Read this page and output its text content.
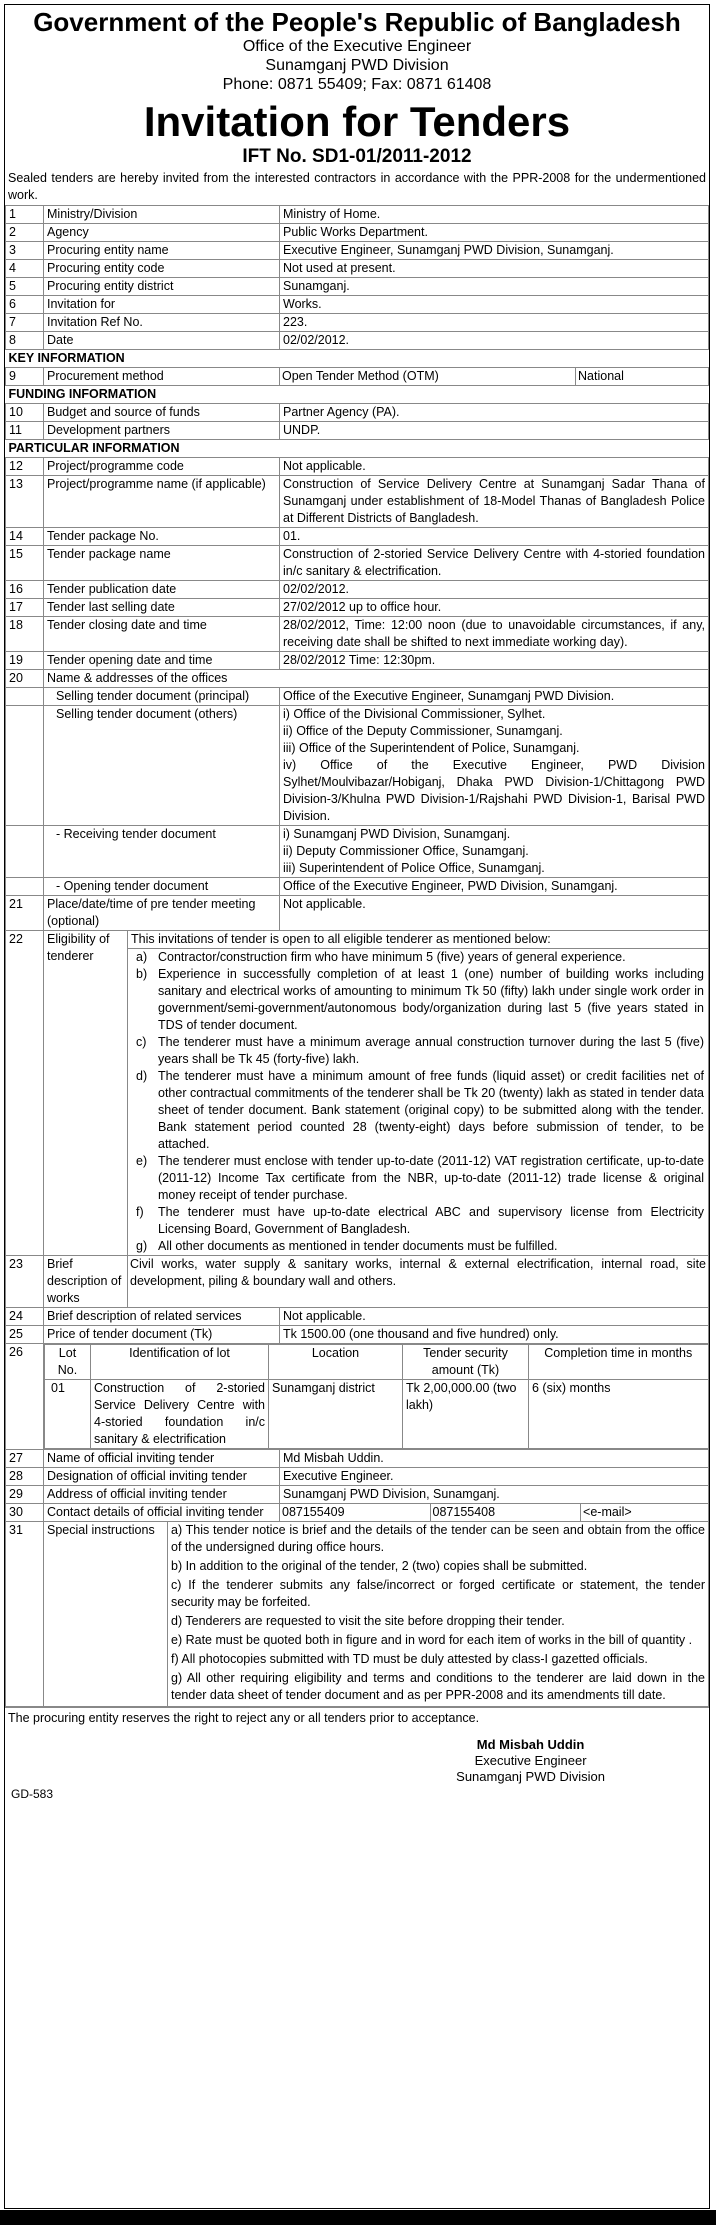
Government of the People's Republic of Bangladesh
Office of the Executive Engineer
Sunamganj PWD Division
Phone: 0871 55409; Fax: 0871 61408
Invitation for Tenders
IFT No. SD1-01/2011-2012
Sealed tenders are hereby invited from the interested contractors in accordance with the PPR-2008 for the undermentioned work.
1	Ministry/Division	Ministry of Home.
2	Agency	Public Works Department.
3	Procuring entity name	Executive Engineer, Sunamganj PWD Division, Sunamganj.
4	Procuring entity code	Not used at present.
5	Procuring entity district	Sunamganj.
6	Invitation for	Works.
7	Invitation Ref No.	223.
8	Date	02/02/2012.
KEY INFORMATION
9	Procurement method		Open Tender Method (OTM)	National

FUNDING INFORMATION
10	Budget and source of funds	Partner Agency (PA).
11	Development partners	UNDP.
PARTICULAR INFORMATION
12	Project/programme code	Not applicable.
13	Project/programme name (if applicable)	Construction of Service Delivery Centre at Sunamganj Sadar Thana of Sunamganj under establishment of 18-Model Thanas of Bangladesh Police at Different Districts of Bangladesh.
14	Tender package No.	01.
15	Tender package name	Construction of 2-storied Service Delivery Centre with 4-storied foundation in/c sanitary & electrification.
16	Tender publication date	02/02/2012.
17	Tender last selling date	27/02/2012 up to office hour.
18	Tender closing date and time	28/02/2012, Time: 12:00 noon (due to unavoidable circumstances, if any, receiving date shall be shifted to next immediate working day).
19	Tender opening date and time	28/02/2012 Time: 12:30pm.
20	Name & addresses of the offices
	Selling tender document (principal)	Office of the Executive Engineer, Sunamganj PWD Division.

	Selling tender document (others)	i) Office of the Divisional Commissioner, Sylhet.
ii) Office of the Deputy Commissioner, Sunamganj.
iii) Office of the Superintendent of Police, Sunamganj.
iv) Office of the Executive Engineer, PWD Division Sylhet/Moulvibazar/Hobiganj, Dhaka PWD Division-1/Chittagong PWD Division-3/Khulna PWD Division-1/Rajshahi PWD Division-1, Barisal PWD Division.

	- Receiving tender document	i) Sunamganj PWD Division, Sunamganj.
ii) Deputy Commissioner Office, Sunamganj.
iii) Superintendent of Police Office, Sunamganj.

	- Opening tender document	Office of the Executive Engineer, PWD Division, Sunamganj.

21	Place/date/time of pre tender meeting (optional)	Not applicable.
22	Eligibility of tenderer	
This invitations of tender is open to all eligible tenderer as mentioned below:
a) Contractor/construction firm who have minimum 5 (five) years of general experience.
b) Experience in successfully completion of at least 1 (one) number of building works including sanitary and electrical works of amounting to minimum Tk 50 (fifty) lakh under single work order in government/semi-government/autonomous body/organization during last 5 (five years stated in TDS of tender document.
c) The tenderer must have a minimum average annual construction turnover during the last 5 (five) years shall be Tk 45 (forty-five) lakh.
d) The tenderer must have a minimum amount of free funds (liquid asset) or credit facilities net of other contractual commitments of the tenderer shall be Tk 20 (twenty) lakh as stated in tender data sheet of tender document. Bank statement (original copy) to be submitted along with the tender. Bank statement period counted 28 (twenty-eight) days before submission of tender, to be attached.
e) The tenderer must enclose with tender up-to-date (2011-12) VAT registration certificate, up-to-date (2011-12) Income Tax certificate from the NBR, up-to-date (2011-12) trade license & original money receipt of tender purchase.
f)	The tenderer must have up-to-date electrical ABC and supervisory license from Electricity Licensing Board, Government of Bangladesh.
g) All other documents as mentioned in tender documents must be fulfilled.

23	Brief description of works	Civil works, water supply & sanitary works, internal & external electrification, internal road, site development, piling & boundary wall and others.

24	Brief description of related services	Not applicable.
25	Price of tender document (Tk)	Tk 1500.00 (one thousand and five hundred) only.
26		Lot No.	Identification of lot	Location	Tender security amount (Tk)	Completion time in months
01	Construction of 2-storied Service Delivery Centre with 4-storied foundation in/c sanitary & electrification	Sunamganj district	Tk 2,00,000.00 (two lakh)	6 (six) months

27	Name of official inviting tender	Md Misbah Uddin.
28	Designation of official inviting tender	Executive Engineer.
29	Address of official inviting tender	Sunamganj PWD Division, Sunamganj.
30	Contact details of official inviting tender	087155409	087155408	<e-mail>

31	Special instructions	a) This tender notice is brief and the details of the tender can be seen and obtain from the office of the undersigned during office hours.

b) In addition to the original of the tender, 2 (two) copies shall be submitted.

c) If the tenderer submits any false/incorrect or forged certificate or statement, the tender security may be forfeited.

d) Tenderers are requested to visit the site before dropping their tender.

e) Rate must be quoted both in figure and in word for each item of works in the bill of quantity .

f) All photocopies submitted with TD must be duly attested by class-I gazetted officials.

g) All other requiring eligibility and terms and conditions to the tenderer are laid down in the tender data sheet of tender document and as per PPR-2008 and its amendments till date.

The procuring entity reserves the right to reject any or all tenders prior to acceptance.
Md Misbah Uddin
Executive Engineer
Sunamganj PWD Division
GD-583
